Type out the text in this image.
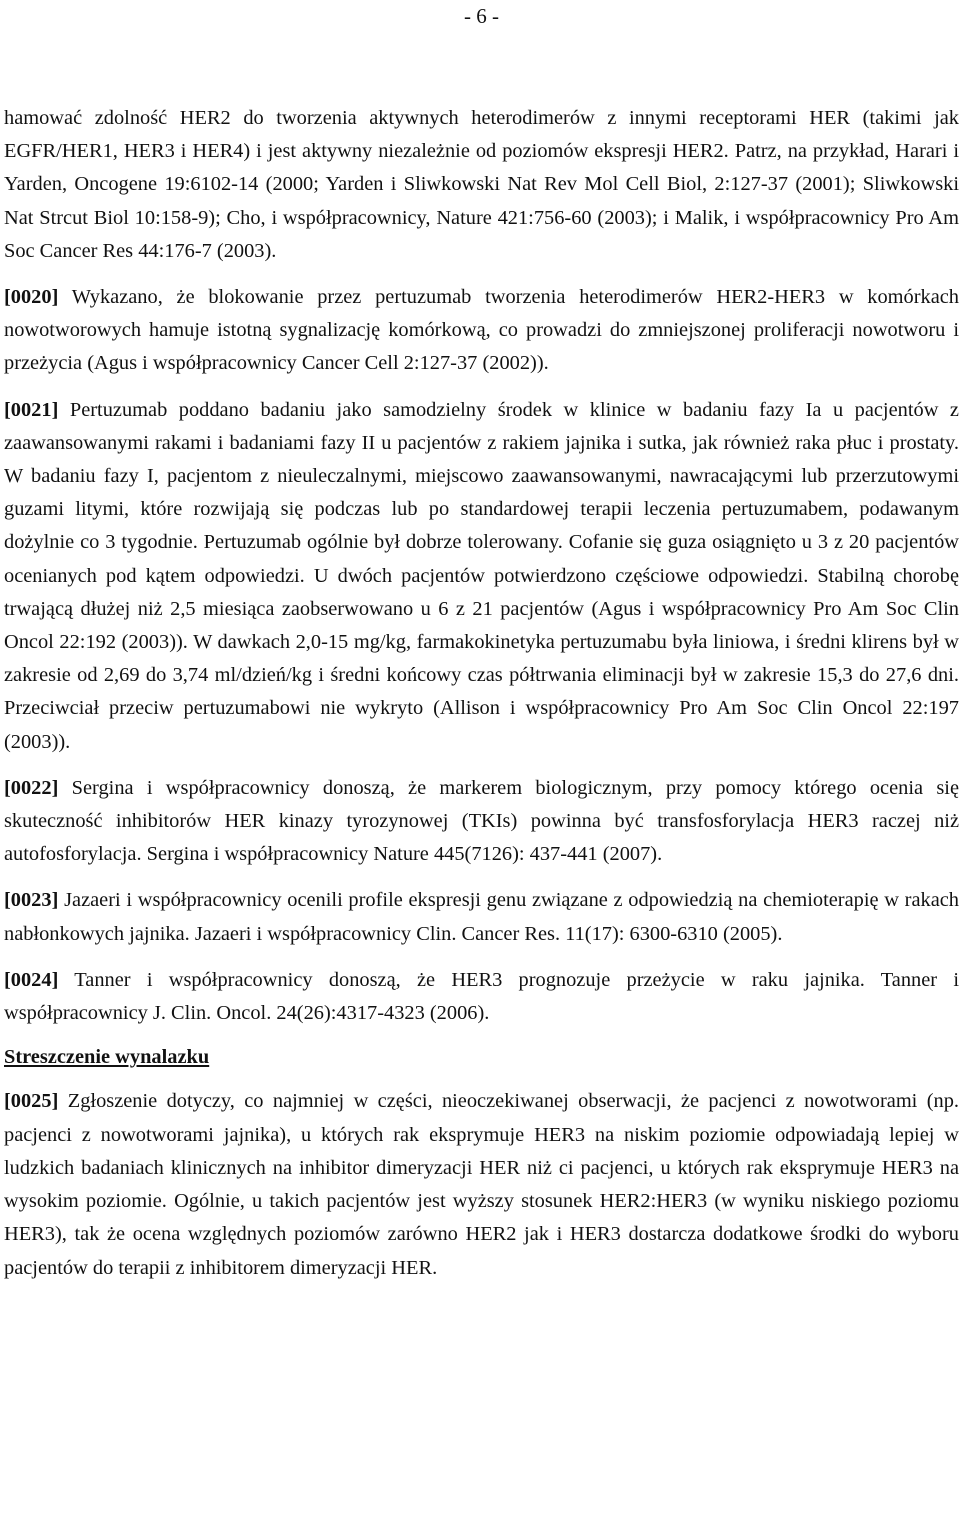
- 6 -

hamować zdolność HER2 do tworzenia aktywnych heterodimerów z innymi receptorami HER (takimi jak EGFR/HER1, HER3 i HER4) i jest aktywny niezależnie od poziomów ekspresji HER2. Patrz, na przykład, Harari i Yarden, Oncogene 19:6102-14 (2000; Yarden i Sliwkowski Nat Rev Mol Cell Biol, 2:127-37 (2001); Sliwkowski Nat Strcut Biol 10:158-9); Cho, i współpracownicy, Nature 421:756-60 (2003); i Malik, i współpracownicy Pro Am Soc Cancer Res 44:176-7 (2003).

[0020] Wykazano, że blokowanie przez pertuzumab tworzenia heterodimerów HER2-HER3 w komórkach nowotworowych hamuje istotną sygnalizację komórkową, co prowadzi do zmniejszonej proliferacji nowotworu i przeżycia (Agus i współpracownicy Cancer Cell 2:127-37 (2002)).

[0021] Pertuzumab poddano badaniu jako samodzielny środek w klinice w badaniu fazy Ia u pacjentów z zaawansowanymi rakami i badaniami fazy II u pacjentów z rakiem jajnika i sutka, jak również raka płuc i prostaty. W badaniu fazy I, pacjentom z nieuleczalnymi, miejscowo zaawansowanymi, nawracającymi lub przerzutowymi guzami litymi, które rozwijają się podczas lub po standardowej terapii leczenia pertuzumabem, podawanym dożylnie co 3 tygodnie. Pertuzumab ogólnie był dobrze tolerowany. Cofanie się guza osiągnięto u 3 z 20 pacjentów ocenianych pod kątem odpowiedzi. U dwóch pacjentów potwierdzono częściowe odpowiedzi. Stabilną chorobę trwającą dłużej niż 2,5 miesiąca zaobserwowano u 6 z 21 pacjentów (Agus i współpracownicy Pro Am Soc Clin Oncol 22:192 (2003)). W dawkach 2,0-15 mg/kg, farmakokinetyka pertuzumabu była liniowa, i średni klirens był w zakresie od 2,69 do 3,74 ml/dzień/kg i średni końcowy czas półtrwania eliminacji był w zakresie 15,3 do 27,6 dni. Przeciwciał przeciw pertuzumabowi nie wykryto (Allison i współpracownicy Pro Am Soc Clin Oncol 22:197 (2003)).

[0022] Sergina i współpracownicy donoszą, że markerem biologicznym, przy pomocy którego ocenia się skuteczność inhibitorów HER kinazy tyrozynowej (TKIs) powinna być transfosforylacja HER3 raczej niż autofosforylacja. Sergina i współpracownicy Nature 445(7126): 437-441 (2007).

[0023] Jazaeri i współpracownicy ocenili profile ekspresji genu związane z odpowiedzią na chemioterapię w rakach nabłonkowych jajnika. Jazaeri i współpracownicy Clin. Cancer Res. 11(17): 6300-6310 (2005).

[0024] Tanner i współpracownicy donoszą, że HER3 prognozuje przeżycie w raku jajnika. Tanner i współpracownicy J. Clin. Oncol. 24(26):4317-4323 (2006).

Streszczenie wynalazku

[0025] Zgłoszenie dotyczy, co najmniej w części, nieoczekiwanej obserwacji, że pacjenci z nowotworami (np. pacjenci z nowotworami jajnika), u których rak eksprymuje HER3 na niskim poziomie odpowiadają lepiej w ludzkich badaniach klinicznych na inhibitor dimeryzacji HER niż ci pacjenci, u których rak eksprymuje HER3 na wysokim poziomie. Ogólnie, u takich pacjentów jest wyższy stosunek HER2:HER3 (w wyniku niskiego poziomu HER3), tak że ocena względnych poziomów zarówno HER2 jak i HER3 dostarcza dodatkowe środki do wyboru pacjentów do terapii z inhibitorem dimeryzacji HER.
